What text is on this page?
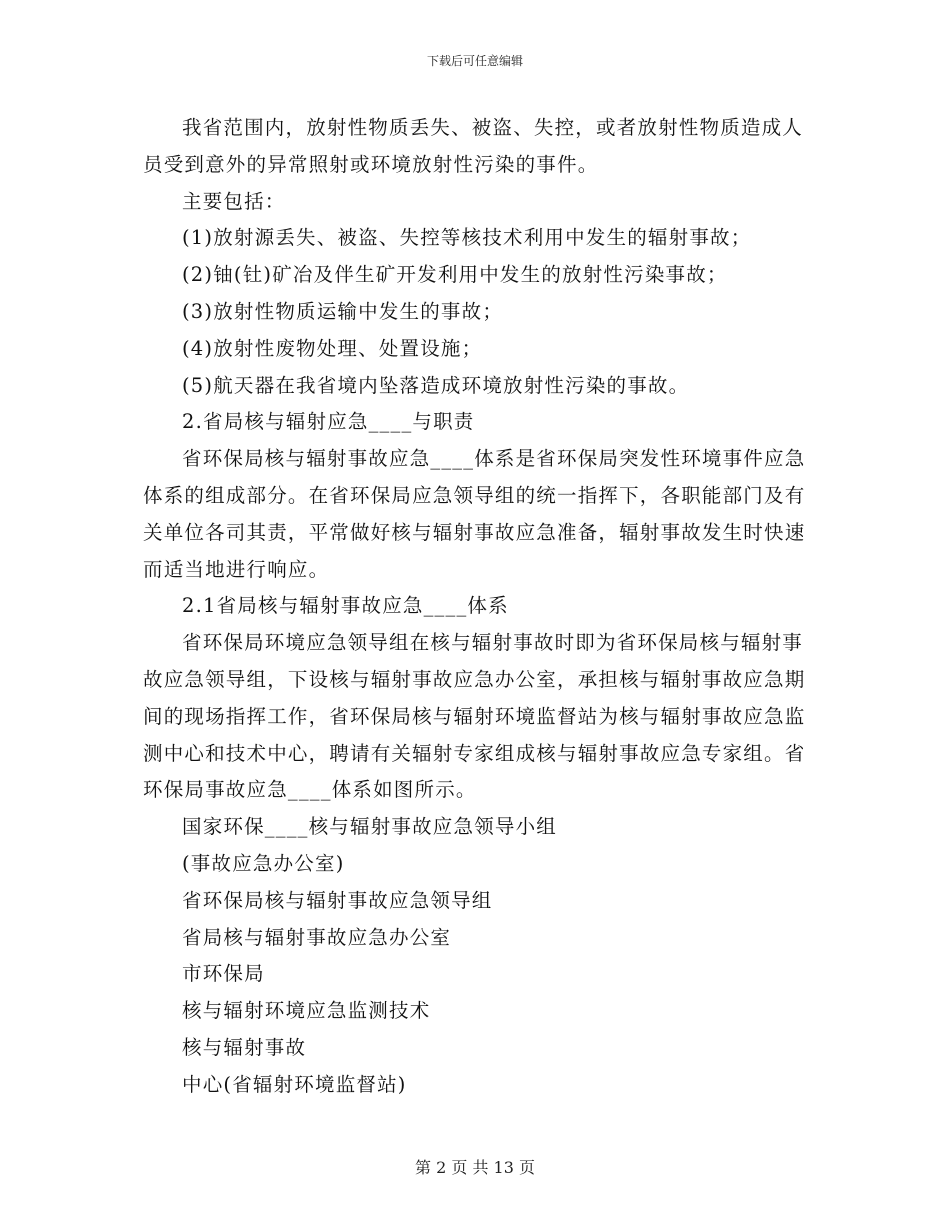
下载后可任意编辑

我省范围内，放射性物质丢失、被盗、失控，或者放射性物质造成人员受到意外的异常照射或环境放射性污染的事件。

主要包括：

(1)放射源丢失、被盗、失控等核技术利用中发生的辐射事故；

(2)铀(钍)矿冶及伴生矿开发利用中发生的放射性污染事故；

(3)放射性物质运输中发生的事故；

(4)放射性废物处理、处置设施；

(5)航天器在我省境内坠落造成环境放射性污染的事故。

2.省局核与辐射应急____与职责

省环保局核与辐射事故应急____体系是省环保局突发性环境事件应急体系的组成部分。在省环保局应急领导组的统一指挥下，各职能部门及有关单位各司其责，平常做好核与辐射事故应急准备，辐射事故发生时快速而适当地进行响应。

2.1省局核与辐射事故应急____体系

省环保局环境应急领导组在核与辐射事故时即为省环保局核与辐射事故应急领导组，下设核与辐射事故应急办公室，承担核与辐射事故应急期间的现场指挥工作，省环保局核与辐射环境监督站为核与辐射事故应急监测中心和技术中心，聘请有关辐射专家组成核与辐射事故应急专家组。省环保局事故应急____体系如图所示。

国家环保____核与辐射事故应急领导小组

(事故应急办公室)

省环保局核与辐射事故应急领导组

省局核与辐射事故应急办公室

市环保局

核与辐射环境应急监测技术

核与辐射事故

中心(省辐射环境监督站)

第 2 页 共 13 页
